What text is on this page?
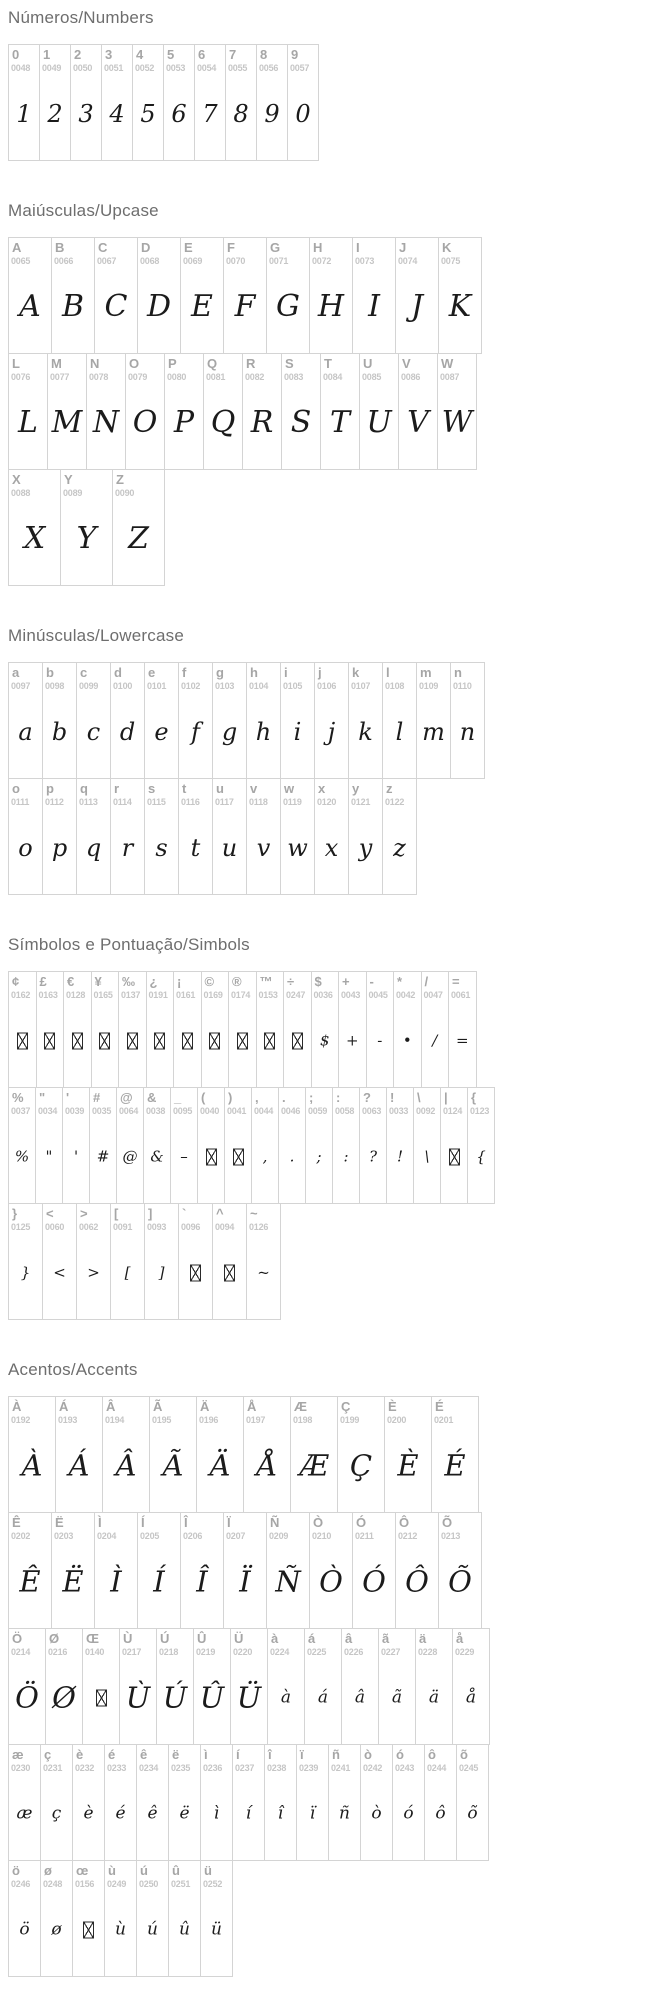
Números/Numbers
0
0048
1
1
0049
2
2
0050
3
3
0051
4
4
0052
5
5
0053
6
6
0054
7
7
0055
8
8
0056
9
9
0057
0
Maiúsculas/Upcase
A
0065
A
B
0066
B
C
0067
C
D
0068
D
E
0069
E
F
0070
F
G
0071
G
H
0072
H
I
0073
I
J
0074
J
K
0075
K
L
0076
L
M
0077
M
N
0078
N
O
0079
O
P
0080
P
Q
0081
Q
R
0082
R
S
0083
S
T
0084
T
U
0085
U
V
0086
V
W
0087
W
X
0088
X
Y
0089
Y
Z
0090
Z
Minúsculas/Lowercase
a
0097
a
b
0098
b
c
0099
c
d
0100
d
e
0101
e
f
0102
f
g
0103
g
h
0104
h
i
0105
i
j
0106
j
k
0107
k
l
0108
l
m
0109
m
n
0110
n
o
0111
o
p
0112
p
q
0113
q
r
0114
r
s
0115
s
t
0116
t
u
0117
u
v
0118
v
w
0119
w
x
0120
x
y
0121
y
z
0122
z
Símbolos e Pontuação/Simbols
¢
0162
£
0163
€
0128
¥
0165
‰
0137
¿
0191
¡
0161
©
0169
®
0174
™
0153
÷
0247
$
0036
$
+
0043
+
-
0045
-
*
0042
•
/
0047
/
=
0061
=
%
0037
%
"
0034
"
'
0039
'
#
0035
#
@
0064
@
&
0038
&
_
0095
–
(
0040
)
0041
,
0044
,
.
0046
.
;
0059
;
:
0058
:
?
0063
?
!
0033
!
\
0092
\
|
0124
{
0123
{
}
0125
}
<
0060
<
>
0062
>
[
0091
[
]
0093
]
`
0096
^
0094
~
0126
~
Acentos/Accents
À
0192
À
Á
0193
Á
Â
0194
Â
Ã
0195
Ã
Ä
0196
Ä
Å
0197
Å
Æ
0198
Æ
Ç
0199
Ç
È
0200
È
É
0201
É
Ê
0202
Ê
Ë
0203
Ë
Ì
0204
Ì
Í
0205
Í
Î
0206
Î
Ï
0207
Ï
Ñ
0209
Ñ
Ò
0210
Ò
Ó
0211
Ó
Ô
0212
Ô
Õ
0213
Õ
Ö
0214
Ö
Ø
0216
Ø
Œ
0140
Ù
0217
Ù
Ú
0218
Ú
Û
0219
Û
Ü
0220
Ü
à
0224
à
á
0225
á
â
0226
â
ã
0227
ã
ä
0228
ä
å
0229
å
æ
0230
æ
ç
0231
ç
è
0232
è
é
0233
é
ê
0234
ê
ë
0235
ë
ì
0236
ì
í
0237
í
î
0238
î
ï
0239
ï
ñ
0241
ñ
ò
0242
ò
ó
0243
ó
ô
0244
ô
õ
0245
õ
ö
0246
ö
ø
0248
ø
œ
0156
ù
0249
ù
ú
0250
ú
û
0251
û
ü
0252
ü
